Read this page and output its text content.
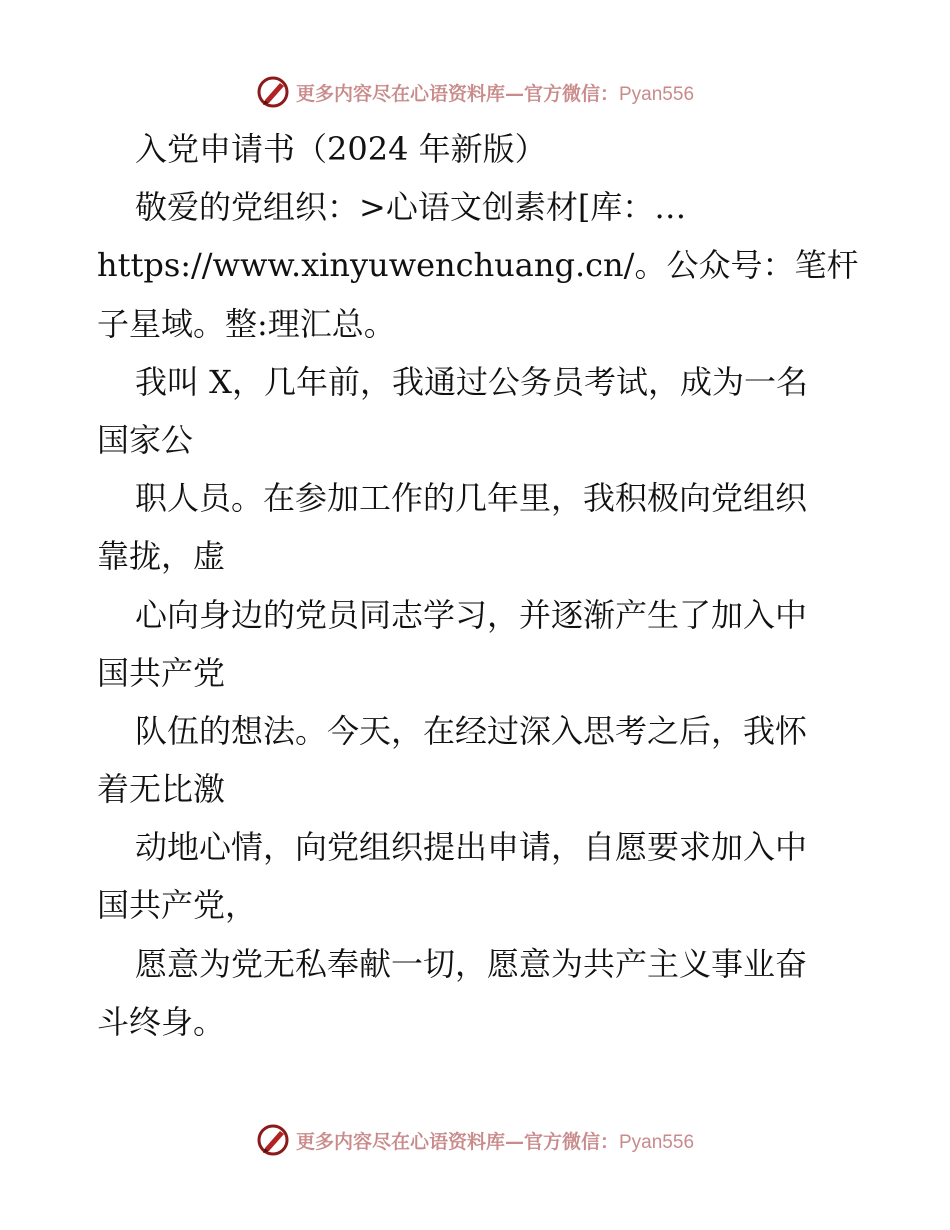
更多内容尽在心语资料库—官方微信：Pyan556
入党申请书（2024 年新版）
敬爱的党组织：>心语文创素材[库：…
https://www.xinyuwenchuang.cn/。公众号：笔杆
子星域。整:理汇总。
我叫 X，几年前，我通过公务员考试，成为一名
国家公
职人员。在参加工作的几年里，我积极向党组织
靠拢，虚
心向身边的党员同志学习，并逐渐产生了加入中
国共产党
队伍的想法。今天，在经过深入思考之后，我怀
着无比激
动地心情，向党组织提出申请，自愿要求加入中
国共产党，
愿意为党无私奉献一切，愿意为共产主义事业奋
斗终身。
更多内容尽在心语资料库—官方微信：Pyan556
